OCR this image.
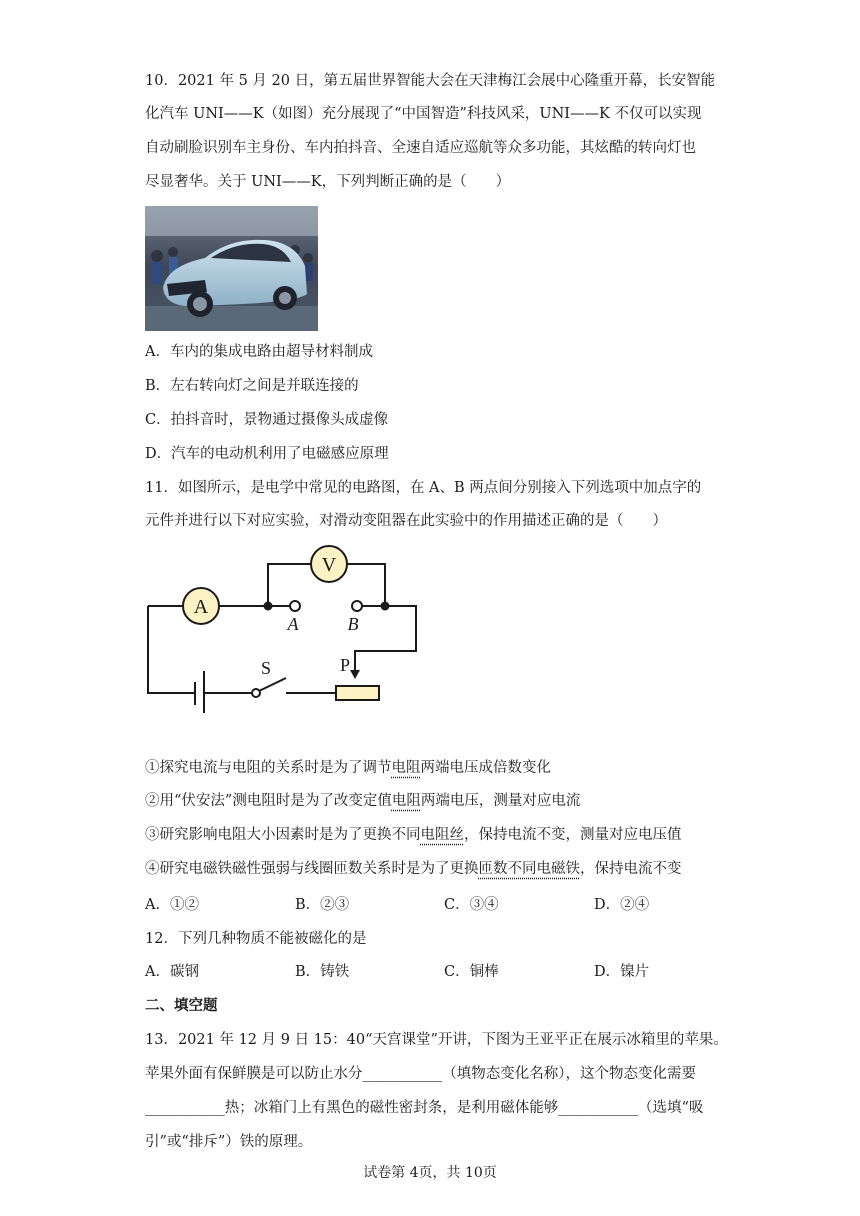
10．2021 年 5 月 20 日，第五届世界智能大会在天津梅江会展中心隆重开幕，长安智能
化汽车 UNI——K（如图）充分展现了“中国智造”科技风采，UNI——K 不仅可以实现
自动刷脸识别车主身份、车内拍抖音、全速自适应巡航等众多功能，其炫酷的转向灯也
尽显奢华。关于 UNI——K，下列判断正确的是（　　）
A．车内的集成电路由超导材料制成
B．左右转向灯之间是并联连接的
C．拍抖音时，景物通过摄像头成虚像
D．汽车的电动机利用了电磁感应原理
11．如图所示，是电学中常见的电路图，在 A、B 两点间分别接入下列选项中加点字的
元件并进行以下对应实验，对滑动变阻器在此实验中的作用描述正确的是（　　）
A
A
V
B
P
S
①探究电流与电阻的关系时是为了调节电阻两端电压成倍数变化
②用“伏安法”测电阻时是为了改变定值电阻两端电压，测量对应电流
③研究影响电阻大小因素时是为了更换不同电阻丝，保持电流不变，测量对应电压值
④研究电磁铁磁性强弱与线圈匝数关系时是为了更换匝数不同电磁铁，保持电流不变
A．①②	B．②③	C．③④	D．②④
12．下列几种物质不能被磁化的是
A．碳钢	B．铸铁	C．铜棒	D．镍片
二、填空题
13．2021 年 12 月 9 日 15：40“天宫课堂”开讲，下图为王亚平正在展示冰箱里的苹果。
苹果外面有保鲜膜是可以防止水分___________（填物态变化名称），这个物态变化需要
___________热；冰箱门上有黑色的磁性密封条，是利用磁体能够___________（选填“吸
引”或“排斥”）铁的原理。
试卷第 4页，共 10页
